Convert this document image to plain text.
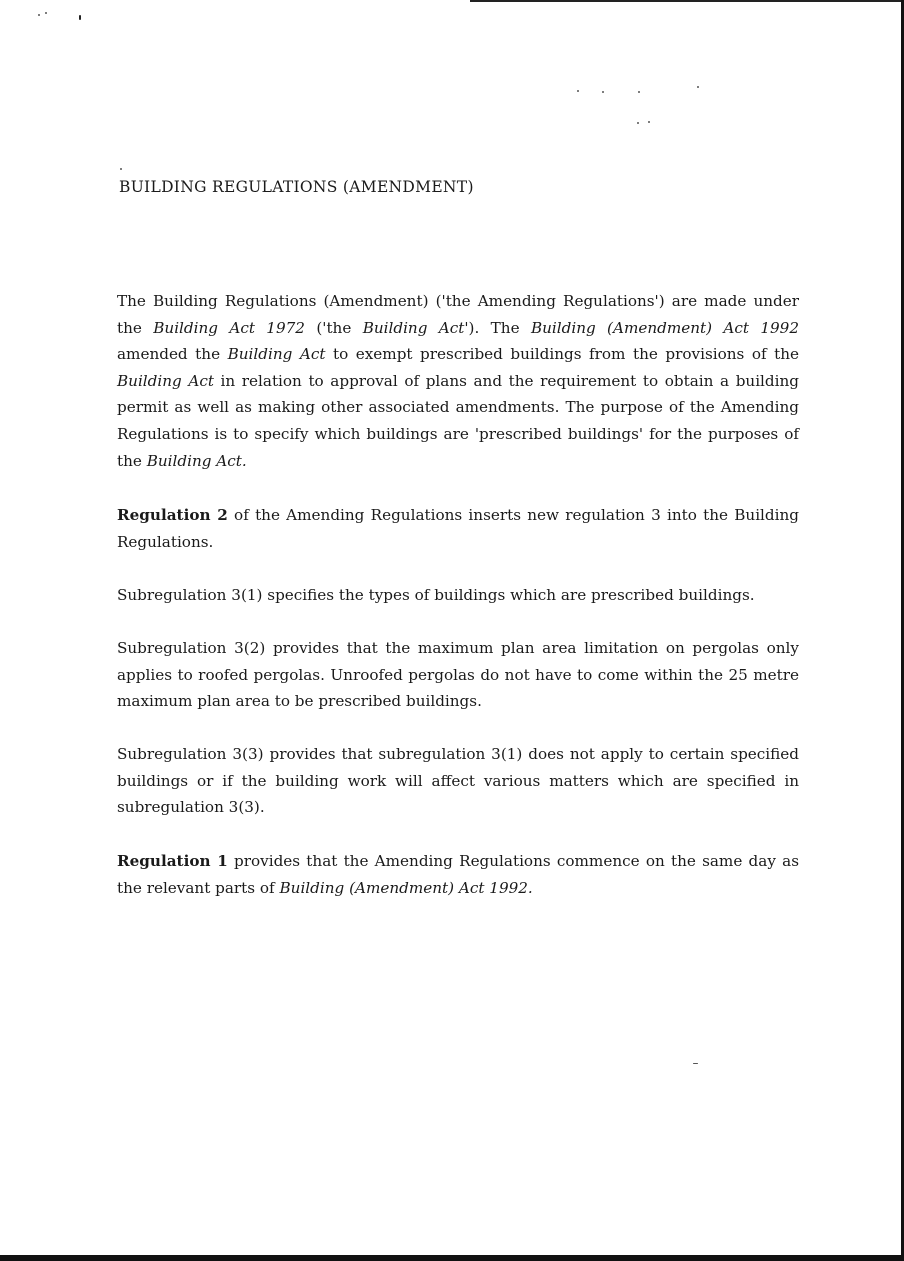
BUILDING REGULATIONS (AMENDMENT)

The Building Regulations (Amendment) ('the Amending Regulations') are made under the Building Act 1972 ('the Building Act'). The Building (Amendment) Act 1992 amended the Building Act to exempt prescribed buildings from the provisions of the Building Act in relation to approval of plans and the requirement to obtain a building permit as well as making other associated amendments. The purpose of the Amending Regulations is to specify which buildings are 'prescribed buildings' for the purposes of the Building Act.

Regulation 2 of the Amending Regulations inserts new regulation 3 into the Building Regulations.

Subregulation 3(1) specifies the types of buildings which are prescribed buildings.

Subregulation 3(2) provides that the maximum plan area limitation on pergolas only applies to roofed pergolas. Unroofed pergolas do not have to come within the 25 metre maximum plan area to be prescribed buildings.

Subregulation 3(3) provides that subregulation 3(1) does not apply to certain specified buildings or if the building work will affect various matters which are specified in subregulation 3(3).

Regulation 1 provides that the Amending Regulations commence on the same day as the relevant parts of Building (Amendment) Act 1992.
